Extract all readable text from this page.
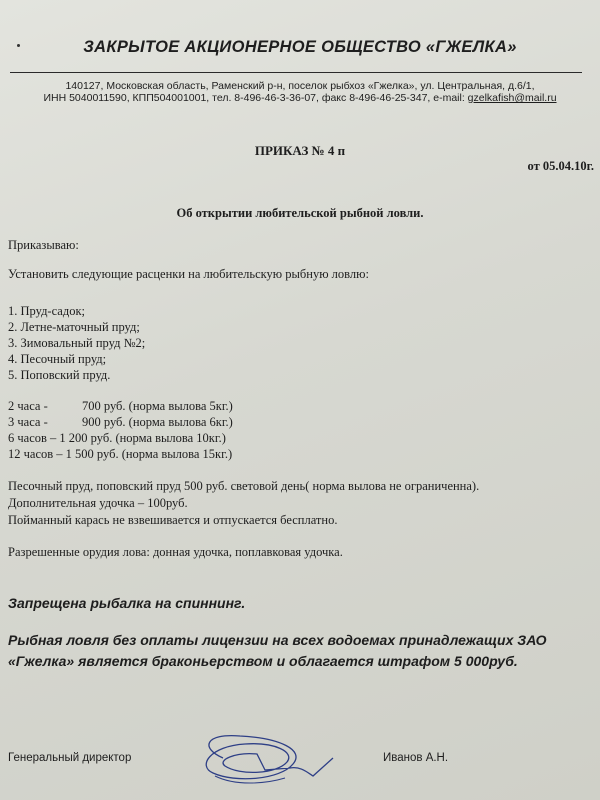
ЗАКРЫТОЕ АКЦИОНЕРНОЕ ОБЩЕСТВО «ГЖЕЛКА»
140127, Московская область, Раменский р-н, поселок рыбхоз «Гжелка», ул. Центральная, д.6/1,
ИНН 5040011590, КПП504001001, тел. 8-496-46-3-36-07, факс 8-496-46-25-347, e-mail: gzelkafish@mail.ru
ПРИКАЗ № 4 п
от 05.04.10г.
Об открытии любительской рыбной ловли.
Приказываю:
Установить следующие расценки на любительскую рыбную ловлю:
1. Пруд-садок;
2. Летне-маточный пруд;
3. Зимовальный пруд №2;
4. Песочный пруд;
5. Поповский пруд.
2 часа -	700 руб. (норма вылова 5кг.)
3 часа -	900 руб. (норма вылова 6кг.)
6 часов – 1 200 руб. (норма вылова 10кг.)
12 часов – 1 500 руб. (норма вылова 15кг.)
Песочный пруд, поповский пруд 500 руб. световой день( норма вылова не ограниченна).
Дополнительная удочка – 100руб.
Пойманный карась не взвешивается и отпускается бесплатно.
Разрешенные орудия лова: донная удочка, поплавковая удочка.
Запрещена рыбалка на спиннинг.
Рыбная ловля без оплаты лицензии на всех водоемах принадлежащих ЗАО
«Гжелка» является браконьерством и облагается штрафом 5 000руб.
Генеральный директор	Иванов А.Н.
